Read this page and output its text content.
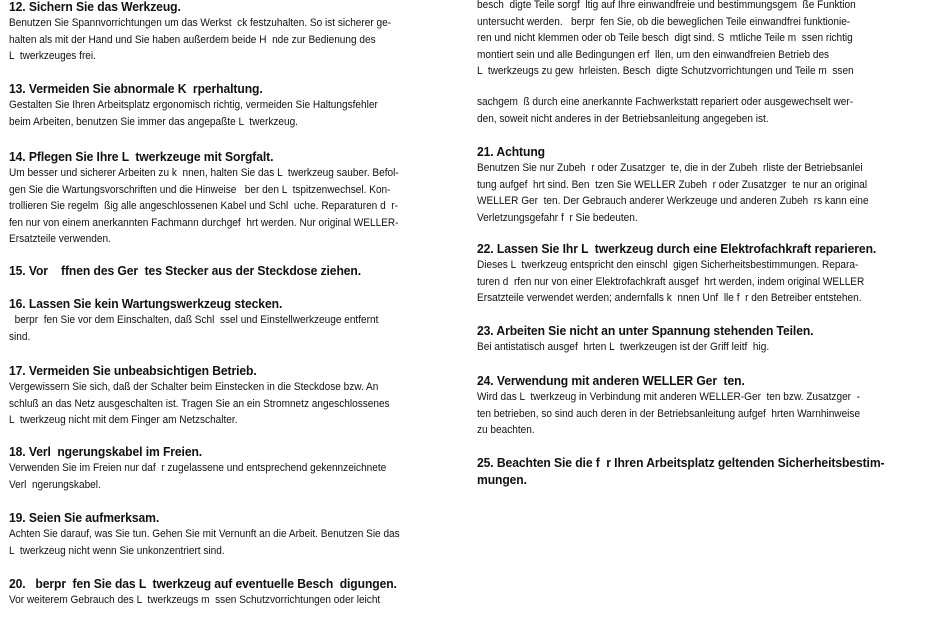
12. Sichern Sie das Werkzeug.

Benutzen Sie Spannvorrichtungen um das Werkst  ck festzuhalten. So ist sicherer ge-
halten als mit der Hand und Sie haben außerdem beide H  nde zur Bedienung des
L  twerkzeuges frei.

13. Vermeiden Sie abnormale K  rperhaltung.

Gestalten Sie Ihren Arbeitsplatz ergonomisch richtig, vermeiden Sie Haltungsfehler
beim Arbeiten, benutzen Sie immer das angepaßte L  twerkzeug.

14. Pflegen Sie Ihre L  twerkzeuge mit Sorgfalt.

Um besser und sicherer Arbeiten zu k  nnen, halten Sie das L  twerkzeug sauber. Befol-
gen Sie die Wartungsvorschriften und die Hinweise   ber den L  tspitzenwechsel. Kon-
trollieren Sie regelm  ßig alle angeschlossenen Kabel und Schl  uche. Reparaturen d  r-
fen nur von einem anerkannten Fachmann durchgef  hrt werden. Nur original WELLER-
Ersatzteile verwenden.

15. Vor    ffnen des Ger  tes Stecker aus der Steckdose ziehen.
16. Lassen Sie kein Wartungswerkzeug stecken.

berpr  fen Sie vor dem Einschalten, daß Schl  ssel und Einstellwerkzeuge entfernt
sind.

17. Vermeiden Sie unbeabsichtigen Betrieb.

Vergewissern Sie sich, daß der Schalter beim Einstecken in die Steckdose bzw. An
schluß an das Netz ausgeschalten ist. Tragen Sie an ein Stromnetz angeschlossenes
L  twerkzeug nicht mit dem Finger am Netzschalter.

18. Verl  ngerungskabel im Freien.

Verwenden Sie im Freien nur daf  r zugelassene und entsprechend gekennzeichnete
Verl  ngerungskabel.

19. Seien Sie aufmerksam.

Achten Sie darauf, was Sie tun. Gehen Sie mit Vernunft an die Arbeit. Benutzen Sie das
L  twerkzeug nicht wenn Sie unkonzentriert sind.

20.   berpr  fen Sie das L  twerkzeug auf eventuelle Besch  digungen.

Vor weiterem Gebrauch des L  twerkzeugs m  ssen Schutzvorrichtungen oder leicht

besch  digte Teile sorgf  ltig auf Ihre einwandfreie und bestimmungsgem  ße Funktion
untersucht werden.   berpr  fen Sie, ob die beweglichen Teile einwandfrei funktionie-
ren und nicht klemmen oder ob Teile besch  digt sind. S  mtliche Teile m  ssen richtig
montiert sein und alle Bedingungen erf  llen, um den einwandfreien Betrieb des
L  twerkzeugs zu gew  hrleisten. Besch  digte Schutzvorrichtungen und Teile m  ssen

sachgem  ß durch eine anerkannte Fachwerkstatt repariert oder ausgewechselt wer-
den, soweit nicht anderes in der Betriebsanleitung angegeben ist.

21. Achtung

Benutzen Sie nur Zubeh  r oder Zusatzger  te, die in der Zubeh  rliste der Betriebsanlei
tung aufgef  hrt sind. Ben  tzen Sie WELLER Zubeh  r oder Zusatzger  te nur an original
WELLER Ger  ten. Der Gebrauch anderer Werkzeuge und anderen Zubeh  rs kann eine
Verletzungsgefahr f  r Sie bedeuten.

22. Lassen Sie Ihr L  twerkzeug durch eine Elektrofachkraft reparieren.

Dieses L  twerkzeug entspricht den einschl  gigen Sicherheitsbestimmungen. Repara-
turen d  rfen nur von einer Elektrofachkraft ausgef  hrt werden, indem original WELLER
Ersatzteile verwendet werden; andernfalls k  nnen Unf  lle f  r den Betreiber entstehen.

23. Arbeiten Sie nicht an unter Spannung stehenden Teilen.

Bei antistatisch ausgef  hrten L  twerkzeugen ist der Griff leitf  hig.

24. Verwendung mit anderen WELLER Ger  ten.

Wird das L  twerkzeug in Verbindung mit anderen WELLER-Ger  ten bzw. Zusatzger  -
ten betrieben, so sind auch deren in der Betriebsanleitung aufgef  hrten Warnhinweise
zu beachten.

25. Beachten Sie die f  r Ihren Arbeitsplatz geltenden Sicherheitsbestim-
mungen.
